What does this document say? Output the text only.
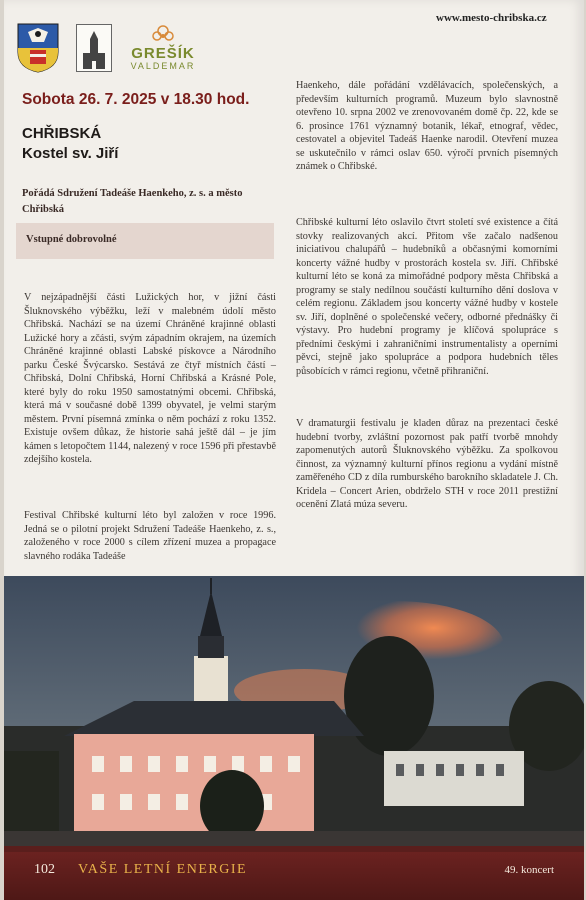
GREŠÍK
VALDEMAR
www.mesto-chribska.cz
Sobota 26. 7. 2025 v 18.30 hod.
CHŘIBSKÁ
Kostel sv. Jiří
Pořádá Sdružení Tadeáše Haenkeho, z. s. a město Chřibská
Vstupné dobrovolné

V nejzápadnější části Lužických hor, v jižní části Šluknovského výběžku, leží v malebném údolí město Chřibská. Nachází se na území Chráněné krajinné oblasti Lužické hory a zčásti, svým západním okrajem, na územích Chráněné krajinné oblasti Labské pískovce a Národního parku České Švýcarsko. Sestává ze čtyř místních částí – Chřibská, Dolní Chřibská, Horní Chřibská a Krásné Pole, které byly do roku 1950 samostatnými obcemi. Chřibská, která má v současné době 1399 obyvatel, je velmi starým městem. První písemná zmínka o něm pochází z roku 1352. Existuje ovšem důkaz, že historie sahá ještě dál – je jím kámen s letopočtem 1144, nalezený v roce 1596 při přestavbě zdejšího kostela.

Festival Chřibské kulturní léto byl založen v roce 1996. Jedná se o pilotní projekt Sdružení Tadeáše Haenkeho, z. s., založeného v roce 2000 s cílem zřízení muzea a propagace slavného rodáka Tadeáše

Haenkeho, dále pořádání vzdělávacích, společenských, a především kulturních programů. Muzeum bylo slavnostně otevřeno 10. srpna 2002 ve zrenovovaném domě čp. 22, kde se 6. prosince 1761 významný botanik, lékař, etnograf, vědec, cestovatel a objevitel Tadeáš Haenke narodil. Otevření muzea se uskutečnilo v rámci oslav 650. výročí prvních písemných známek o Chřibské.

Chřibské kulturní léto oslavilo čtvrt století své existence a čítá stovky realizovaných akcí. Přitom vše začalo nadšenou iniciativou chalupářů – hudebníků a občasnými komorními koncerty vážné hudby v prostorách kostela sv. Jiří. Chřibské kulturní léto se koná za mimořádné podpory města Chřibská a programy se staly nedílnou součástí kulturního dění doslova v celém regionu. Základem jsou koncerty vážné hudby v kostele sv. Jiří, doplněné o společenské večery, odborné přednášky či výstavy. Pro hudební programy je klíčová spolupráce s předními českými i zahraničními instrumentalisty a operními pěvci, stejně jako spolupráce a podpora hudebních těles působících v rámci regionu, včetně přihraniční.

V dramaturgii festivalu je kladen důraz na prezentaci české hudební tvorby, zvláštní pozornost pak patří tvorbě mnohdy zapomenutých autorů Šluknovského výběžku. Za spolkovou činnost, za významný kulturní přínos regionu a vydání místně zaměřeného CD z díla rumburského barokního skladatele J. Ch. Kridela – Concert Arien, obdrželo STH v roce 2011 prestižní ocenění Zlatá múza severu.

102 VAŠE LETNÍ ENERGIE	49. koncert
